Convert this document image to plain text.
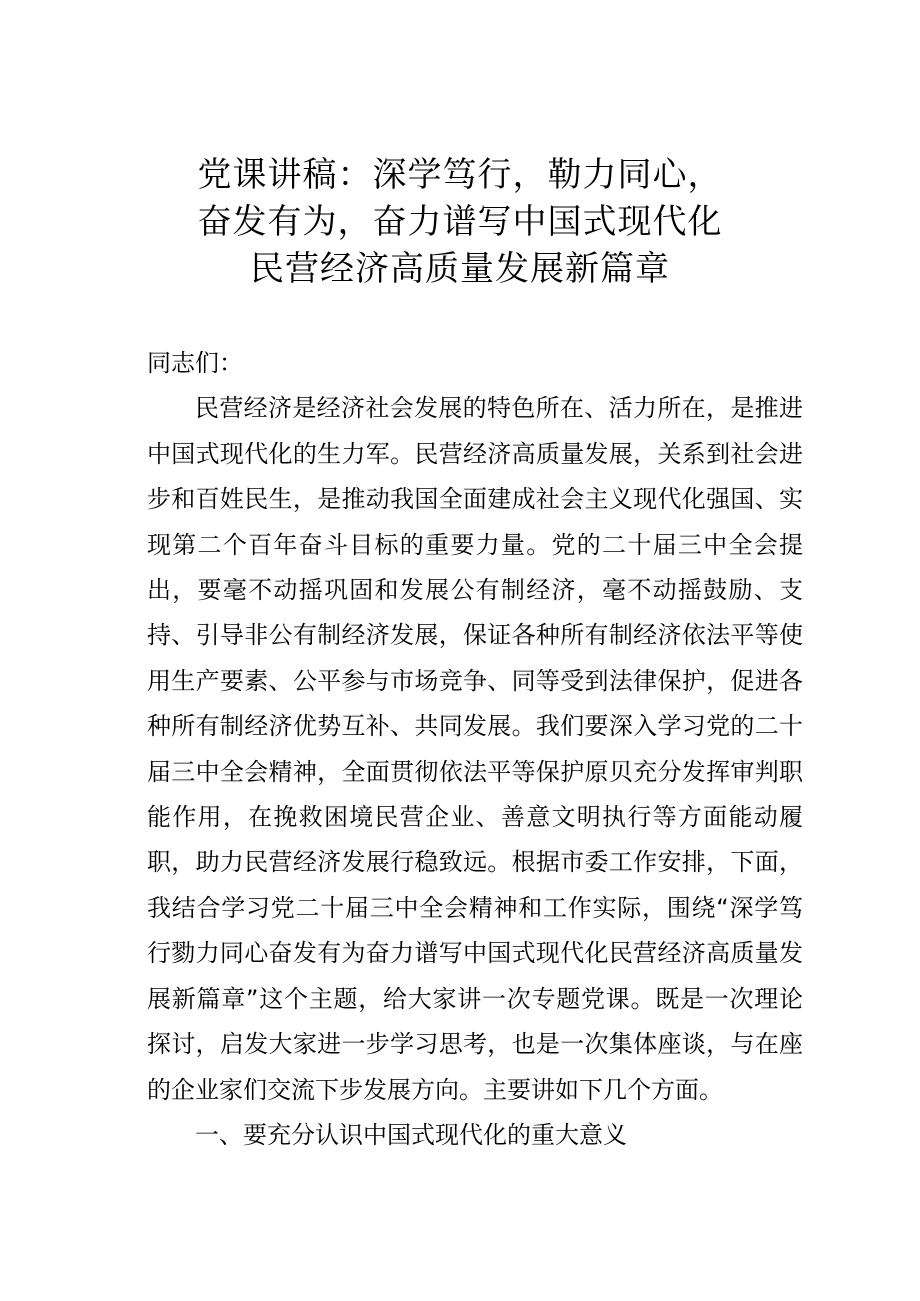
党课讲稿：深学笃行，勒力同心，
奋发有为，奋力谱写中国式现代化
民营经济高质量发展新篇章

同志们：

民营经济是经济社会发展的特色所在、活力所在，是推进中国式现代化的生力军。民营经济高质量发展，关系到社会进步和百姓民生，是推动我国全面建成社会主义现代化强国、实现第二个百年奋斗目标的重要力量。党的二十届三中全会提出，要毫不动摇巩固和发展公有制经济，毫不动摇鼓励、支持、引导非公有制经济发展，保证各种所有制经济依法平等使用生产要素、公平参与市场竞争、同等受到法律保护，促进各种所有制经济优势互补、共同发展。我们要深入学习党的二十届三中全会精神，全面贯彻依法平等保护原贝充分发挥审判职能作用，在挽救困境民营企业、善意文明执行等方面能动履职，助力民营经济发展行稳致远。根据市委工作安排，下面，我结合学习党二十届三中全会精神和工作实际，围绕“深学笃行勠力同心奋发有为奋力谱写中国式现代化民营经济高质量发展新篇章”这个主题，给大家讲一次专题党课。既是一次理论探讨，启发大家进一步学习思考，也是一次集体座谈，与在座的企业家们交流下步发展方向。主要讲如下几个方面。

一、要充分认识中国式现代化的重大意义
